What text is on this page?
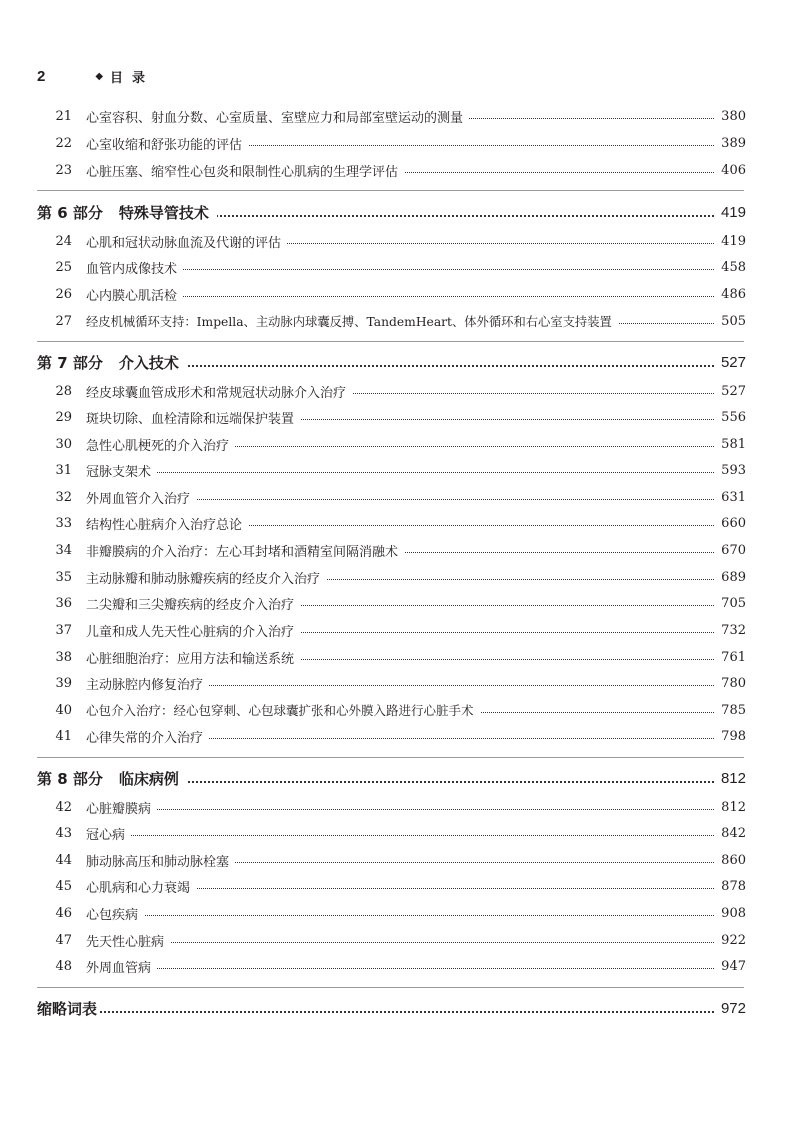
2	◆ 目录
21 心室容积、射血分数、心室质量、室壁应力和局部室壁运动的测量	380
22 心室收缩和舒张功能的评估	389
23 心脏压塞、缩窄性心包炎和限制性心肌病的生理学评估	406
第 6 部分 特殊导管技术	419
24 心肌和冠状动脉血流及代谢的评估	419
25 血管内成像技术	458
26 心内膜心肌活检	486
27 经皮机械循环支持：Impella、主动脉内球囊反搏、TandemHeart、体外循环和右心室支持装置	505
第 7 部分 介入技术	527
28 经皮球囊血管成形术和常规冠状动脉介入治疗	527
29 斑块切除、血栓清除和远端保护装置	556
30 急性心肌梗死的介入治疗	581
31 冠脉支架术	593
32 外周血管介入治疗	631
33 结构性心脏病介入治疗总论	660
34 非瓣膜病的介入治疗：左心耳封堵和酒精室间隔消融术	670
35 主动脉瓣和肺动脉瓣疾病的经皮介入治疗	689
36 二尖瓣和三尖瓣疾病的经皮介入治疗	705
37 儿童和成人先天性心脏病的介入治疗	732
38 心脏细胞治疗：应用方法和输送系统	761
39 主动脉腔内修复治疗	780
40 心包介入治疗：经心包穿刺、心包球囊扩张和心外膜入路进行心脏手术	785
41 心律失常的介入治疗	798
第 8 部分 临床病例	812
42 心脏瓣膜病	812
43 冠心病	842
44 肺动脉高压和肺动脉栓塞	860
45 心肌病和心力衰竭	878
46 心包疾病	908
47 先天性心脏病	922
48 外周血管病	947
缩略词表	972
